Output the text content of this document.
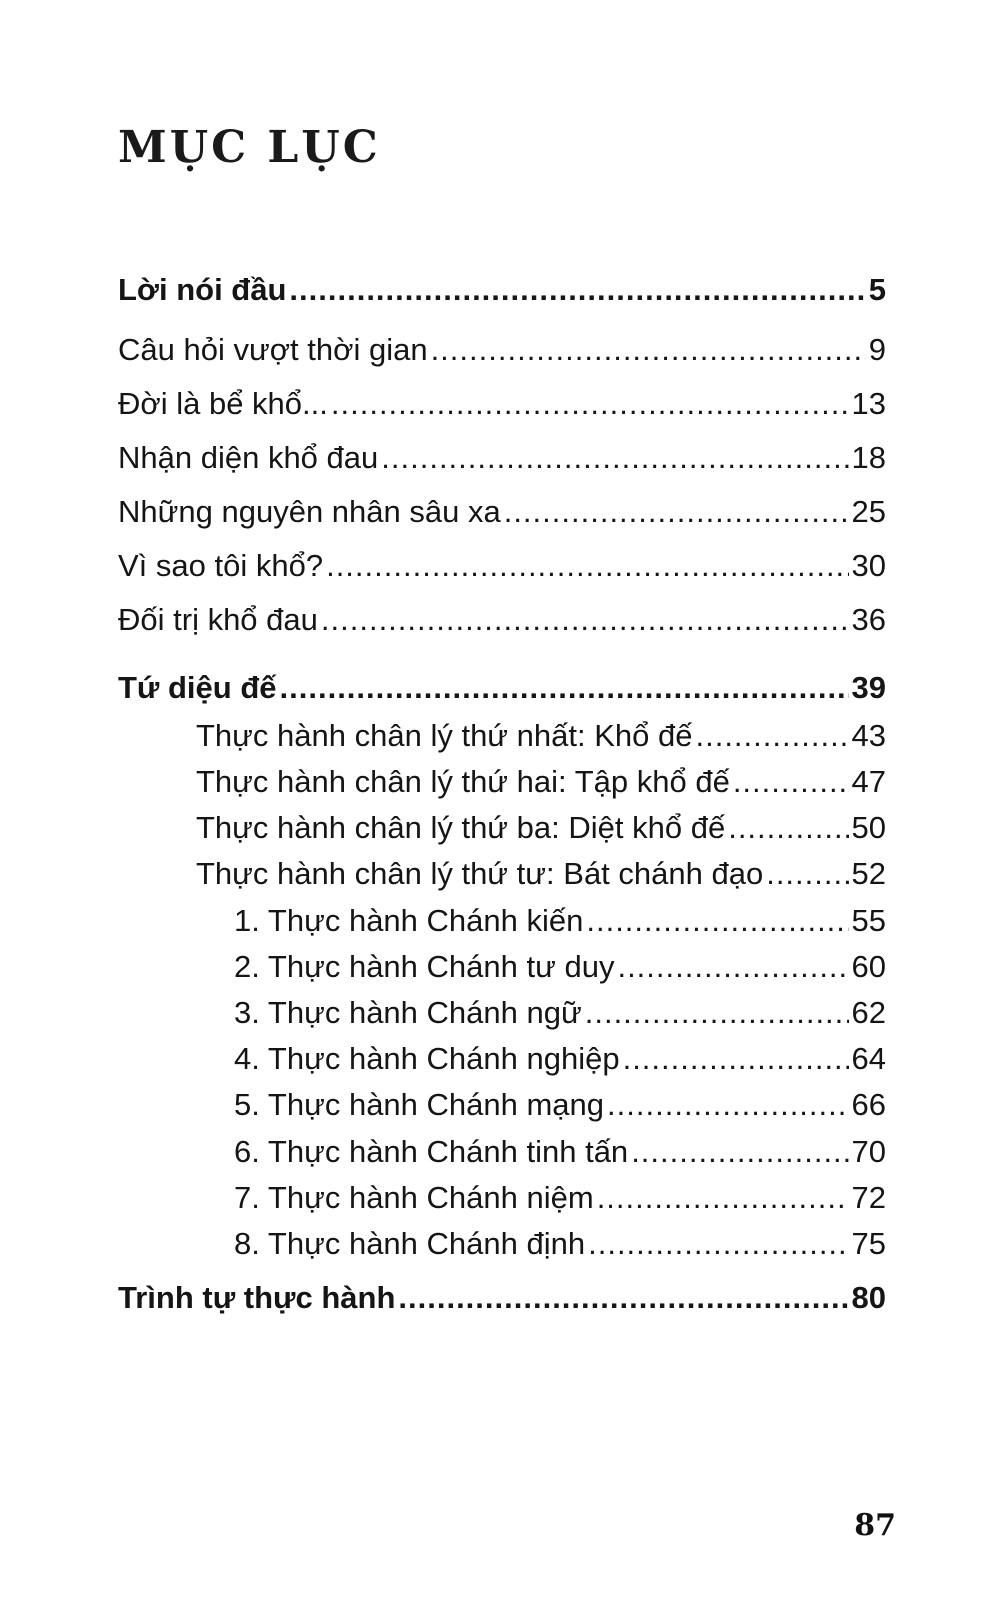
MỤC LỤC
Lời nói đầu .....	5
Câu hỏi vượt thời gian .....	9
Đời là bể khổ... .....	13
Nhận diện khổ đau .....	18
Những nguyên nhân sâu xa .....	25
Vì sao tôi khổ? .....	30
Đối trị khổ đau .....	36
Tứ diệu đế .....	39
Thực hành chân lý thứ nhất: Khổ đế .....	43
Thực hành chân lý thứ hai: Tập khổ đế .....	47
Thực hành chân lý thứ ba: Diệt khổ đế .....	50
Thực hành chân lý thứ tư: Bát chánh đạo .....	52
1. Thực hành Chánh kiến .....	55
2. Thực hành Chánh tư duy .....	60
3. Thực hành Chánh ngữ .....	62
4. Thực hành Chánh nghiệp .....	64
5. Thực hành Chánh mạng .....	66
6. Thực hành Chánh tinh tấn .....	70
7. Thực hành Chánh niệm .....	72
8. Thực hành Chánh định .....	75
Trình tự thực hành .....	80
87
